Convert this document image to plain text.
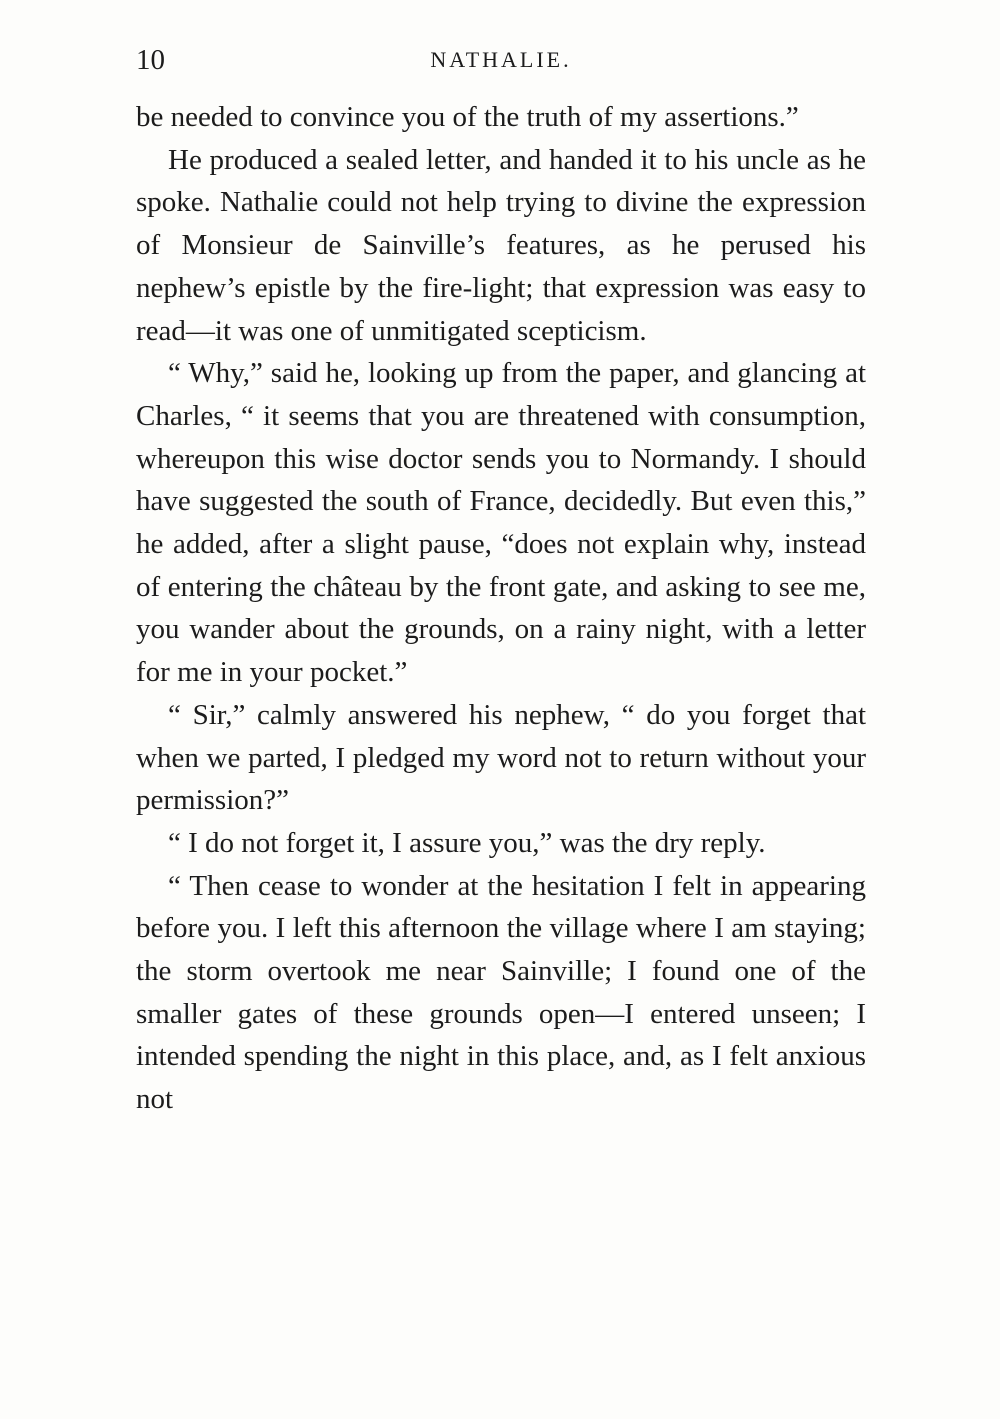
10	NATHALIE.

be needed to convince you of the truth of my assertions.”

He produced a sealed letter, and handed it to his uncle as he spoke. Nathalie could not help trying to divine the expression of Monsieur de Sainville’s features, as he perused his nephew’s epistle by the fire-light; that expression was easy to read—it was one of unmitigated scepticism.

“ Why,” said he, looking up from the paper, and glancing at Charles, “ it seems that you are threatened with consumption, whereupon this wise doctor sends you to Normandy. I should have suggested the south of France, decidedly. But even this,” he added, after a slight pause, “does not explain why, instead of entering the château by the front gate, and asking to see me, you wander about the grounds, on a rainy night, with a letter for me in your pocket.”

“ Sir,” calmly answered his nephew, “ do you forget that when we parted, I pledged my word not to return without your permission?”

“ I do not forget it, I assure you,” was the dry reply.

“ Then cease to wonder at the hesitation I felt in appearing before you. I left this afternoon the village where I am staying; the storm overtook me near Sainville; I found one of the smaller gates of these grounds open—I entered unseen; I intended spending the night in this place, and, as I felt anxious not
